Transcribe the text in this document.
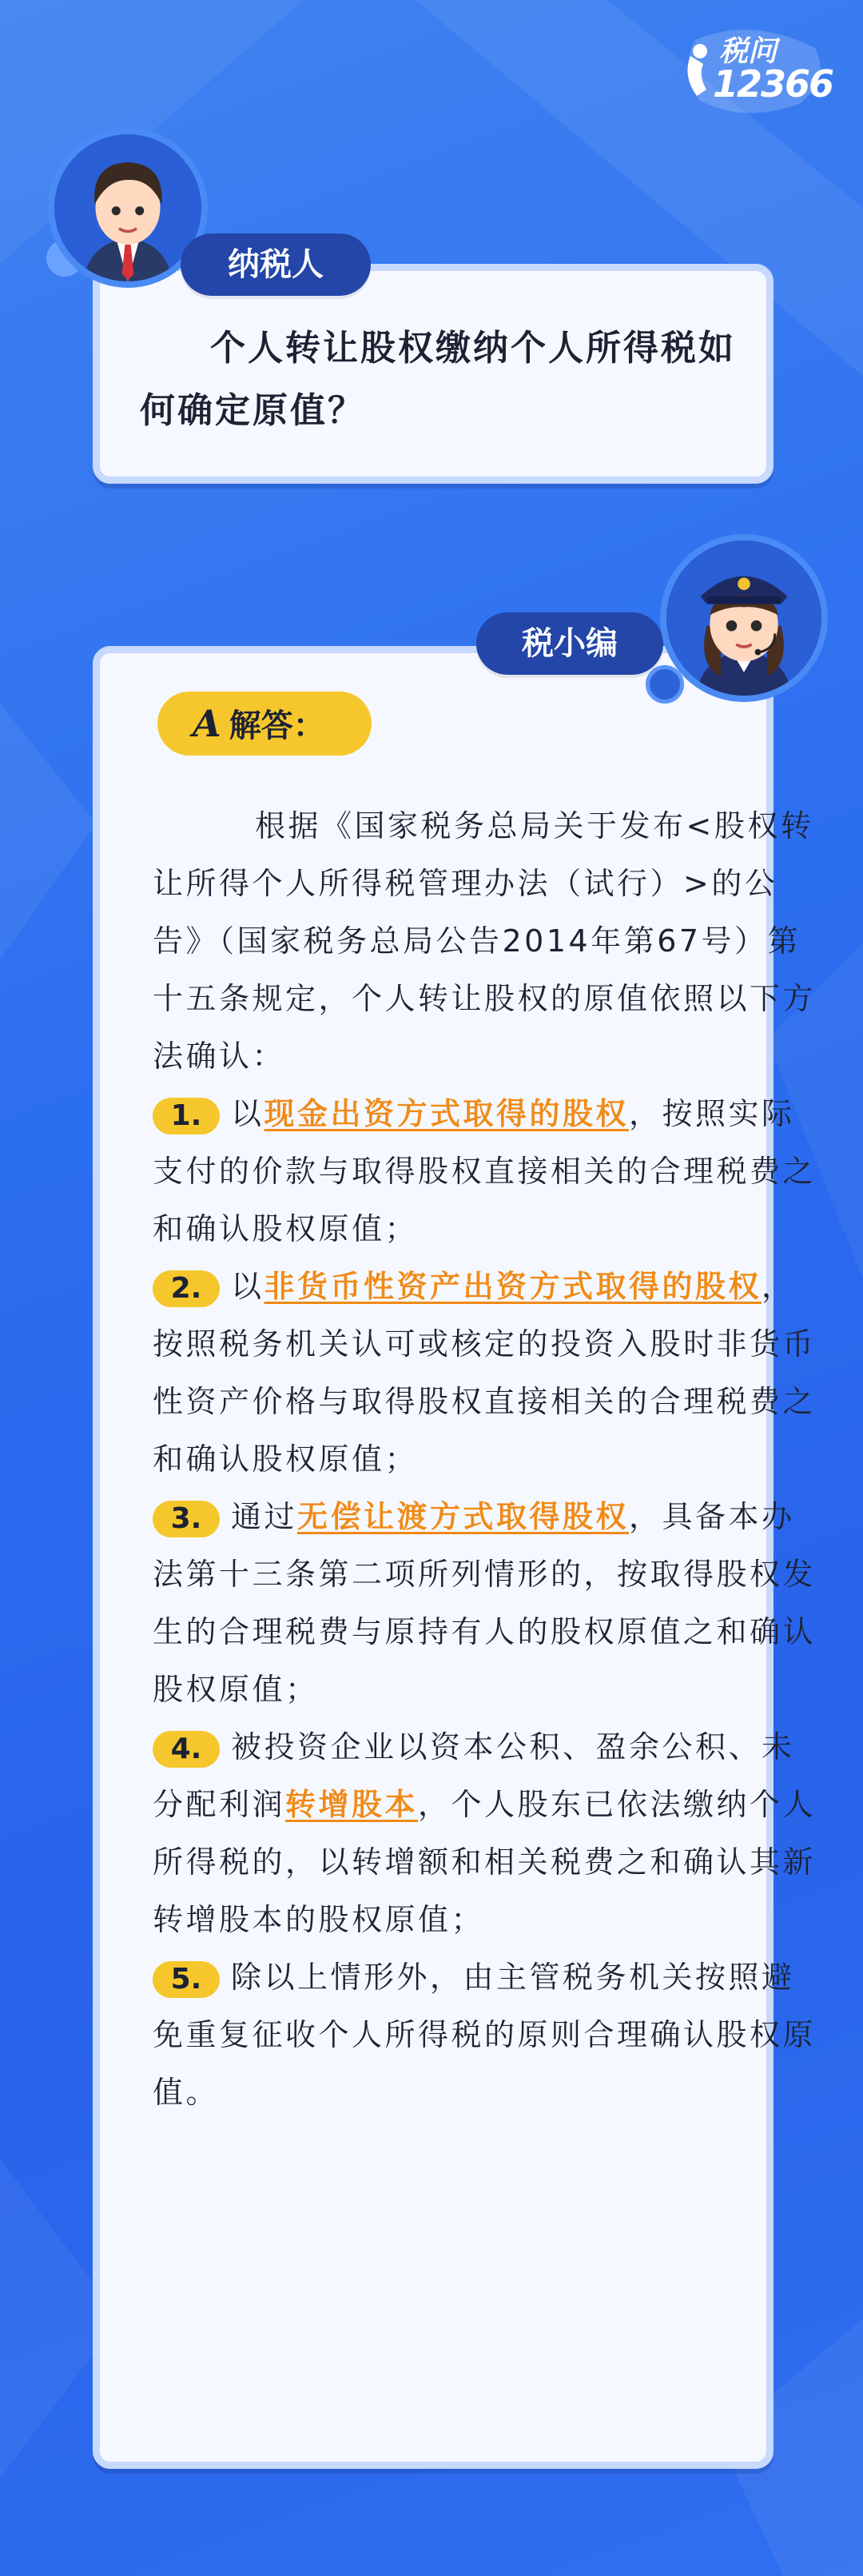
税问
12366
个人转让股权缴纳个人所得税如何确定原值？
纳税人
A 解答：

根据《国家税务总局关于发布<股权转让所得个人所得税管理办法（试行）>的公告》（国家税务总局公告2014年第67号）第十五条规定，个人转让股权的原值依照以下方法确认：

1. 以现金出资方式取得的股权，按照实际支付的价款与取得股权直接相关的合理税费之和确认股权原值；

2. 以非货币性资产出资方式取得的股权，按照税务机关认可或核定的投资入股时非货币性资产价格与取得股权直接相关的合理税费之和确认股权原值；

3. 通过无偿让渡方式取得股权，具备本办法第十三条第二项所列情形的，按取得股权发生的合理税费与原持有人的股权原值之和确认股权原值；

4. 被投资企业以资本公积、盈余公积、未分配利润转增股本，个人股东已依法缴纳个人所得税的，以转增额和相关税费之和确认其新转增股本的股权原值；

5. 除以上情形外，由主管税务机关按照避免重复征收个人所得税的原则合理确认股权原值。

税小编
